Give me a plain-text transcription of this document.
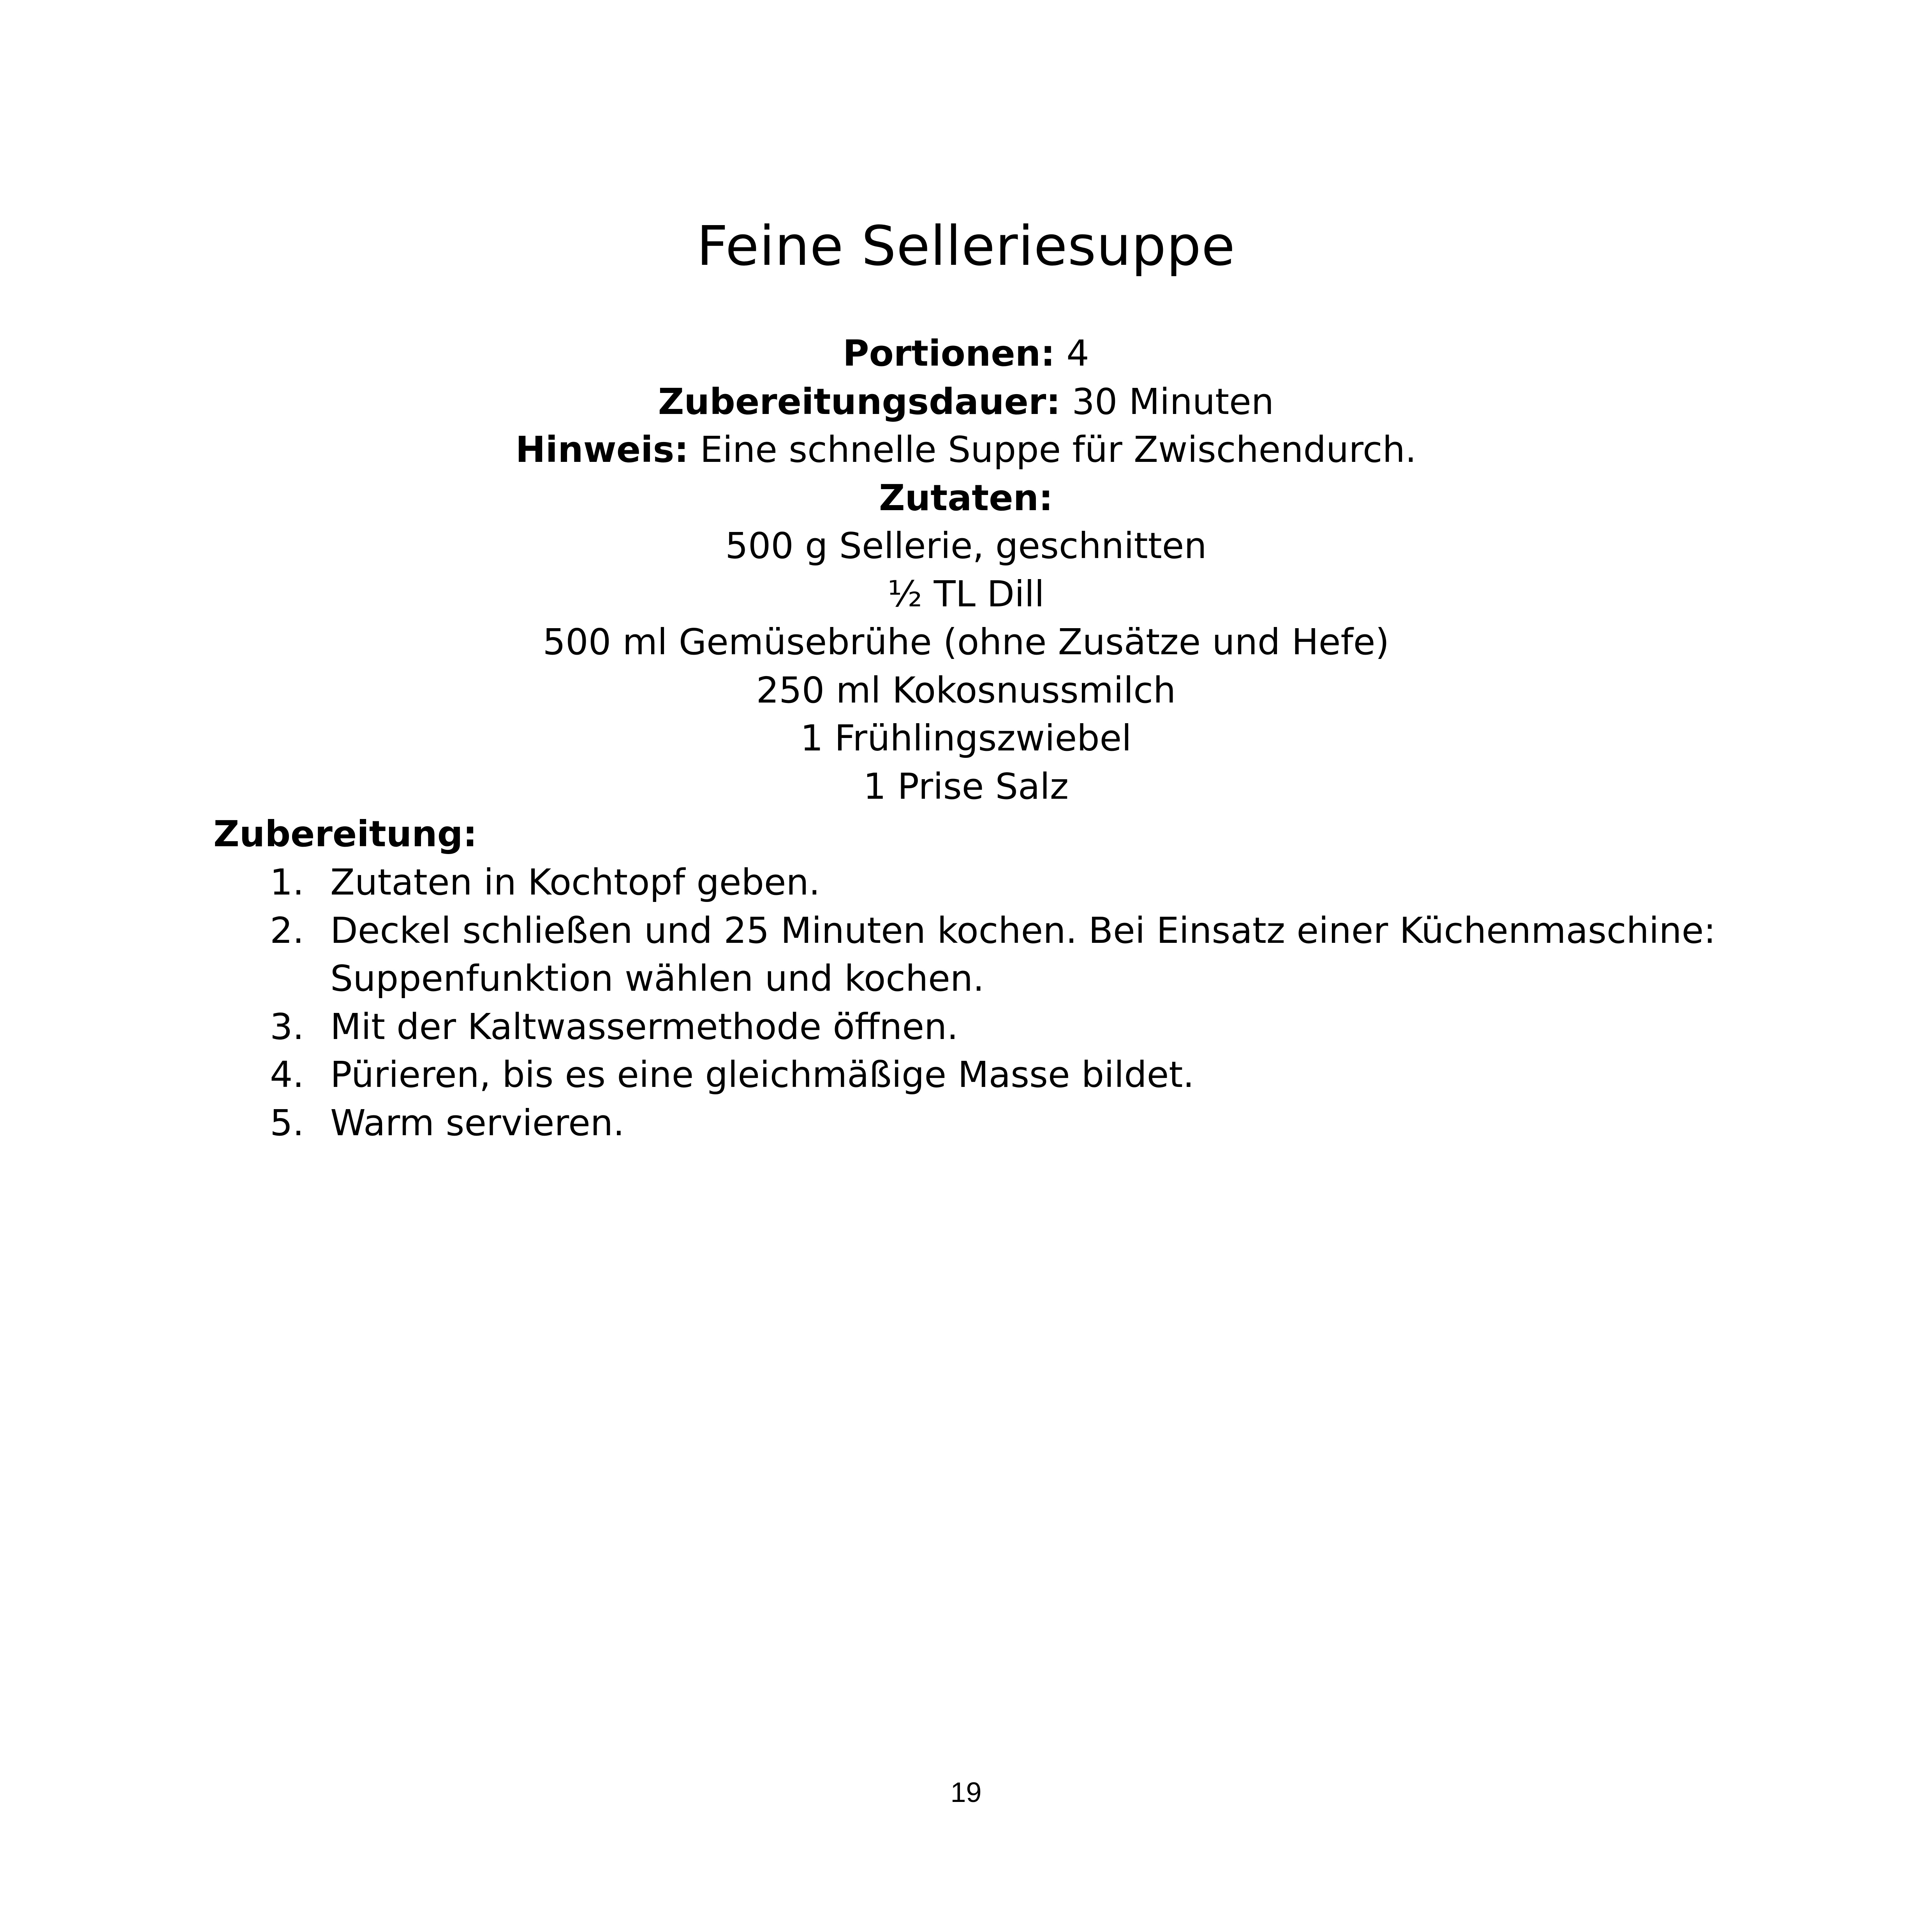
Feine Selleriesuppe
Portionen: 4
Zubereitungsdauer: 30 Minuten
Hinweis: Eine schnelle Suppe für Zwischendurch.
Zutaten:
500 g Sellerie, geschnitten
½ TL Dill
500 ml Gemüsebrühe (ohne Zusätze und Hefe)
250 ml Kokosnussmilch
1 Frühlingszwiebel
1 Prise Salz
Zubereitung:
1. Zutaten in Kochtopf geben.
2. Deckel schließen und 25 Minuten kochen. Bei Einsatz einer Küchenmaschine: Suppenfunktion wählen und kochen.
3. Mit der Kaltwassermethode öffnen.
4. Pürieren, bis es eine gleichmäßige Masse bildet.
5. Warm servieren.
19
